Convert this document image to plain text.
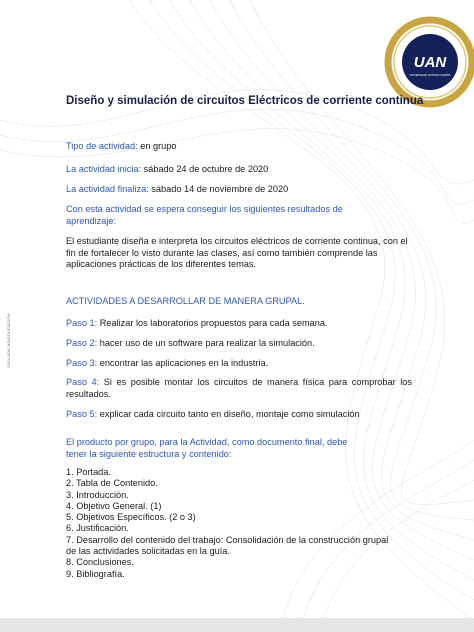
VIGILADA MINEDUCACIÓN
UAN
UNIVERSIDAD ANTONIO NARIÑO
Diseño y simulación de circuitos Eléctricos de corriente continua
Tipo de actividad: en grupo
La actividad inicia: sábado 24 de octubre de 2020
La actividad finaliza: sábado 14 de noviembre de 2020
Con esta actividad se espera conseguir los siguientes resultados de aprendizaje:
El estudiante diseña e interpreta los circuitos eléctricos de corriente continua, con el fin de fortalecer lo visto durante las clases, así como también comprende las aplicaciones prácticas de los diferentes temas.
ACTIVIDADES A DESARROLLAR DE MANERA GRUPAL.
Paso 1: Realizar los laboratorios propuestos para cada semana.
Paso 2: hacer uso de un software para realizar la simulación.
Paso 3: encontrar las aplicaciones en la industria.
Paso 4: Si es posible montar los circuitos de manera física para comprobar los resultados.
Paso 5: explicar cada circuito tanto en diseño, montaje como simulación
El producto por grupo, para la Actividad, como documento final, debe tener la siguiente estructura y contenido:
1. Portada.
2. Tabla de Contenido.
3. Introducción.
4. Objetivo General. (1)
5. Objetivos Específicos. (2 o 3)
6. Justificación.
7. Desarrollo del contenido del trabajo: Consolidación de la construcción grupal de las actividades solicitadas en la guía.
8. Conclusiones.
9. Bibliografía.
